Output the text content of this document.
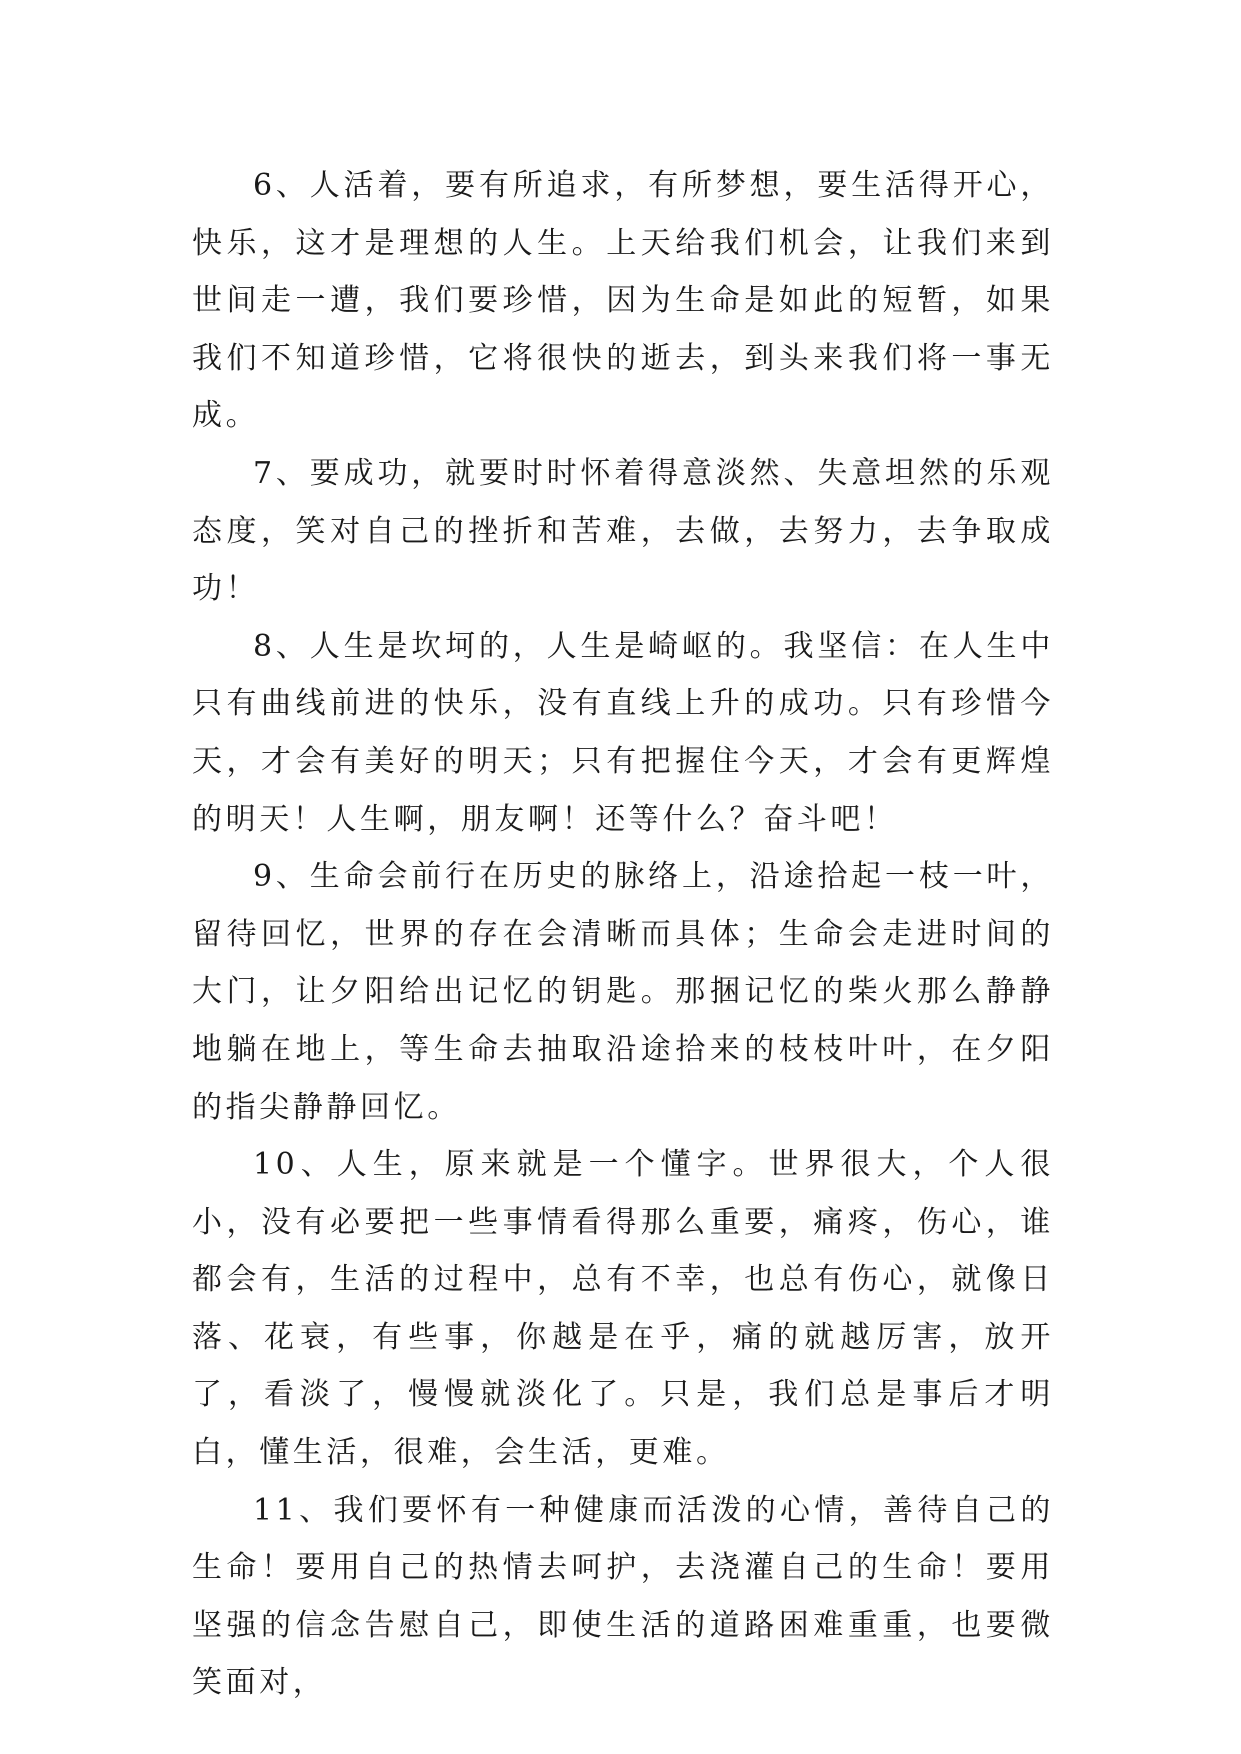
6、人活着，要有所追求，有所梦想，要生活得开心，快乐，这才是理想的人生。上天给我们机会，让我们来到世间走一遭，我们要珍惜，因为生命是如此的短暂，如果我们不知道珍惜，它将很快的逝去，到头来我们将一事无成。

7、要成功，就要时时怀着得意淡然、失意坦然的乐观态度，笑对自己的挫折和苦难，去做，去努力，去争取成功！

8、人生是坎坷的，人生是崎岖的。我坚信：在人生中只有曲线前进的快乐，没有直线上升的成功。只有珍惜今天，才会有美好的明天；只有把握住今天，才会有更辉煌的明天！人生啊，朋友啊！还等什么？奋斗吧！

9、生命会前行在历史的脉络上，沿途拾起一枝一叶，留待回忆，世界的存在会清晰而具体；生命会走进时间的大门，让夕阳给出记忆的钥匙。那捆记忆的柴火那么静静地躺在地上，等生命去抽取沿途拾来的枝枝叶叶，在夕阳的指尖静静回忆。

10、人生，原来就是一个懂字。世界很大，个人很小，没有必要把一些事情看得那么重要，痛疼，伤心，谁都会有，生活的过程中，总有不幸，也总有伤心，就像日落、花衰，有些事，你越是在乎，痛的就越厉害，放开了，看淡了，慢慢就淡化了。只是，我们总是事后才明白，懂生活，很难，会生活，更难。

11、我们要怀有一种健康而活泼的心情，善待自己的生命！要用自己的热情去呵护，去浇灌自己的生命！要用坚强的信念告慰自己，即使生活的道路困难重重，也要微笑面对，
